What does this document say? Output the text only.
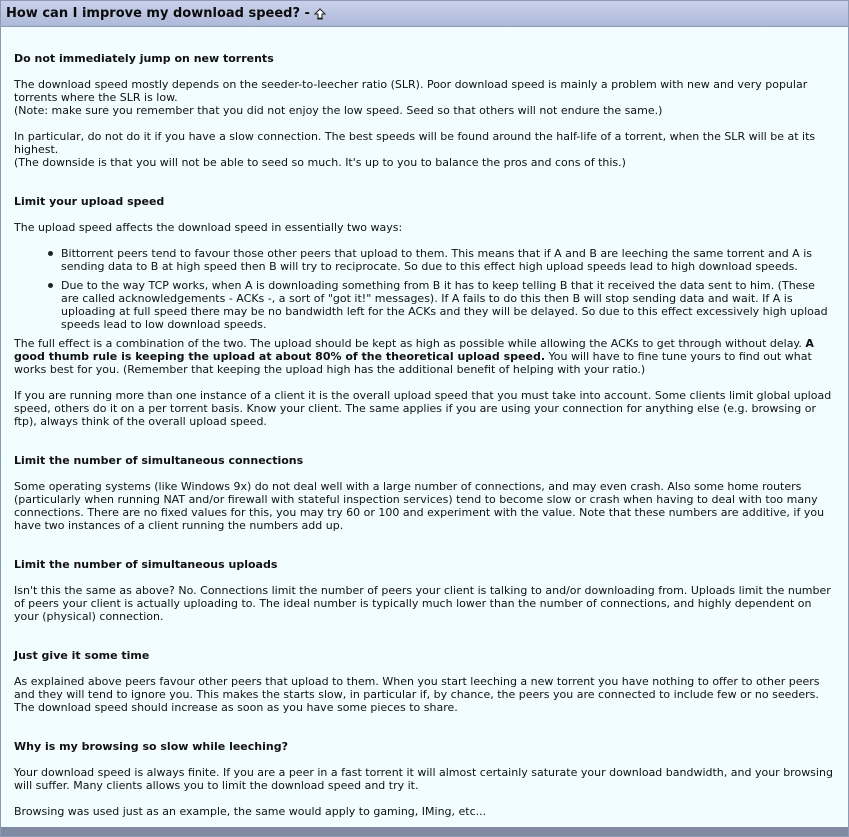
How can I improve my download speed? -
Do not immediately jump on new torrents

The download speed mostly depends on the seeder-to-leecher ratio (SLR). Poor download speed is mainly a problem with new and very popular torrents where the SLR is low.
(Note: make sure you remember that you did not enjoy the low speed. Seed so that others will not endure the same.)

In particular, do not do it if you have a slow connection. The best speeds will be found around the half-life of a torrent, when the SLR will be at its highest.
(The downside is that you will not be able to seed so much. It's up to you to balance the pros and cons of this.)

Limit your upload speed

The upload speed affects the download speed in essentially two ways:

Bittorrent peers tend to favour those other peers that upload to them. This means that if A and B are leeching the same torrent and A is sending data to B at high speed then B will try to reciprocate. So due to this effect high upload speeds lead to high download speeds.
Due to the way TCP works, when A is downloading something from B it has to keep telling B that it received the data sent to him. (These are called acknowledgements - ACKs -, a sort of "got it!" messages). If A fails to do this then B will stop sending data and wait. If A is uploading at full speed there may be no bandwidth left for the ACKs and they will be delayed. So due to this effect excessively high upload speeds lead to low download speeds.

The full effect is a combination of the two. The upload should be kept as high as possible while allowing the ACKs to get through without delay. A good thumb rule is keeping the upload at about 80% of the theoretical upload speed. You will have to fine tune yours to find out what works best for you. (Remember that keeping the upload high has the additional benefit of helping with your ratio.)

If you are running more than one instance of a client it is the overall upload speed that you must take into account. Some clients limit global upload speed, others do it on a per torrent basis. Know your client. The same applies if you are using your connection for anything else (e.g. browsing or ftp), always think of the overall upload speed.

Limit the number of simultaneous connections

Some operating systems (like Windows 9x) do not deal well with a large number of connections, and may even crash. Also some home routers (particularly when running NAT and/or firewall with stateful inspection services) tend to become slow or crash when having to deal with too many connections. There are no fixed values for this, you may try 60 or 100 and experiment with the value. Note that these numbers are additive, if you have two instances of a client running the numbers add up.

Limit the number of simultaneous uploads

Isn't this the same as above? No. Connections limit the number of peers your client is talking to and/or downloading from. Uploads limit the number of peers your client is actually uploading to. The ideal number is typically much lower than the number of connections, and highly dependent on your (physical) connection.

Just give it some time

As explained above peers favour other peers that upload to them. When you start leeching a new torrent you have nothing to offer to other peers and they will tend to ignore you. This makes the starts slow, in particular if, by chance, the peers you are connected to include few or no seeders. The download speed should increase as soon as you have some pieces to share.

Why is my browsing so slow while leeching?

Your download speed is always finite. If you are a peer in a fast torrent it will almost certainly saturate your download bandwidth, and your browsing will suffer. Many clients allows you to limit the download speed and try it.

Browsing was used just as an example, the same would apply to gaming, IMing, etc...
